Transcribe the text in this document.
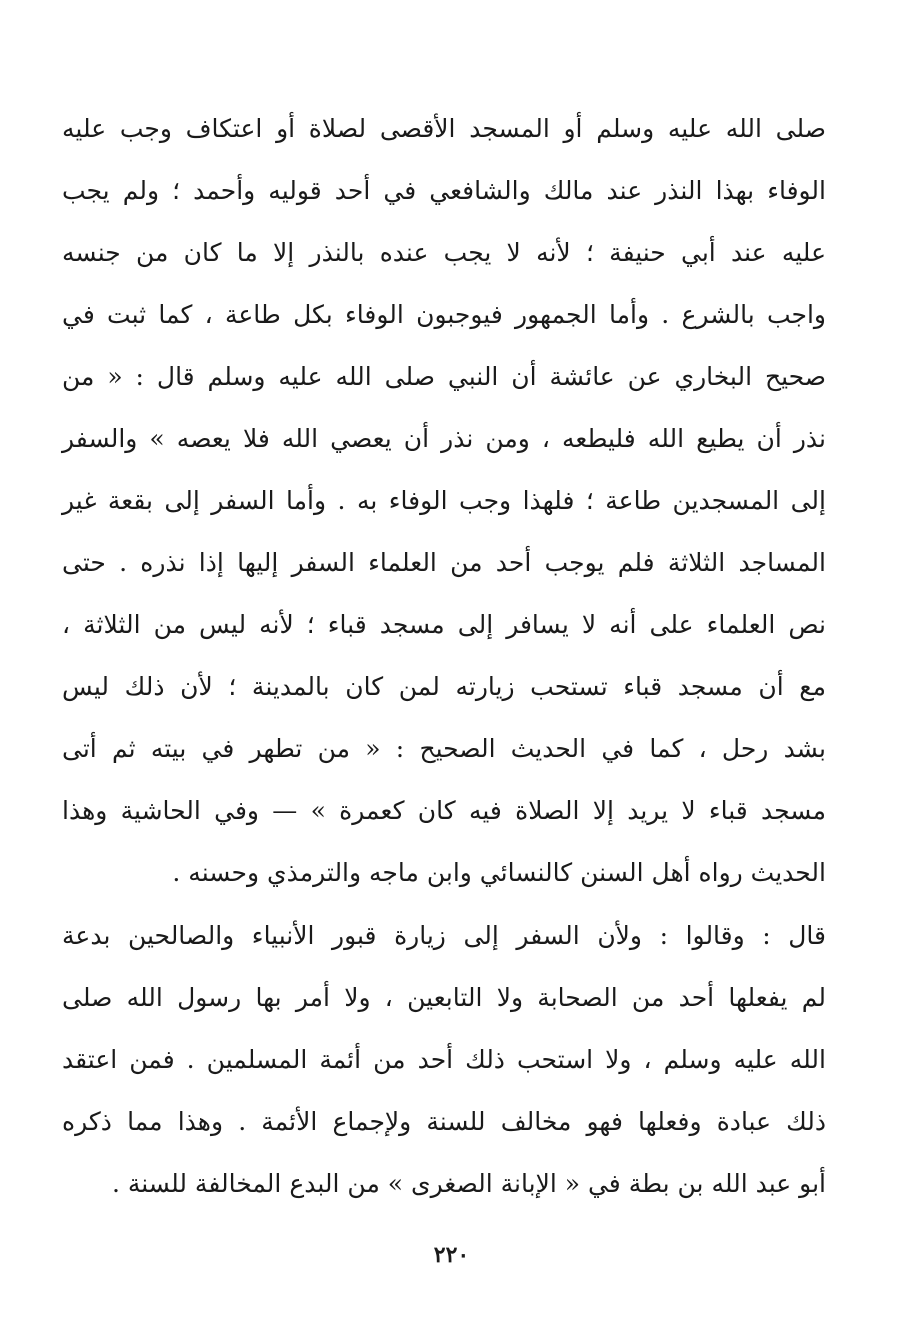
صلى الله عليه وسلم أو المسجد الأقصى لصلاة أو اعتكاف وجب عليه
الوفاء بهذا النذر عند مالك والشافعي في أحد قوليه وأحمد ؛ ولم يجب
عليه عند أبي حنيفة ؛ لأنه لا يجب عنده بالنذر إلا ما كان من جنسه
واجب بالشرع . وأما الجمهور فيوجبون الوفاء بكل طاعة ، كما ثبت في
صحيح البخاري عن عائشة أن النبي صلى الله عليه وسلم قال : « من
نذر أن يطيع الله فليطعه ، ومن نذر أن يعصي الله فلا يعصه » والسفر
إلى المسجدين طاعة ؛ فلهذا وجب الوفاء به . وأما السفر إلى بقعة غير
المساجد الثلاثة فلم يوجب أحد من العلماء السفر إليها إذا نذره . حتى
نص العلماء على أنه لا يسافر إلى مسجد قباء ؛ لأنه ليس من الثلاثة ،
مع أن مسجد قباء تستحب زيارته لمن كان بالمدينة ؛ لأن ذلك ليس
بشد رحل ، كما في الحديث الصحيح : « من تطهر في بيته ثم أتى
مسجد قباء لا يريد إلا الصلاة فيه كان كعمرة » — وفي الحاشية وهذا
الحديث رواه أهل السنن كالنسائي وابن ماجه والترمذي وحسنه .
قال : وقالوا : ولأن السفر إلى زيارة قبور الأنبياء والصالحين بدعة
لم يفعلها أحد من الصحابة ولا التابعين ، ولا أمر بها رسول الله صلى
الله عليه وسلم ، ولا استحب ذلك أحد من أئمة المسلمين . فمن اعتقد
ذلك عبادة وفعلها فهو مخالف للسنة ولإجماع الأئمة . وهذا مما ذكره
أبو عبد الله بن بطة في « الإبانة الصغرى » من البدع المخالفة للسنة .
٢٢٠
